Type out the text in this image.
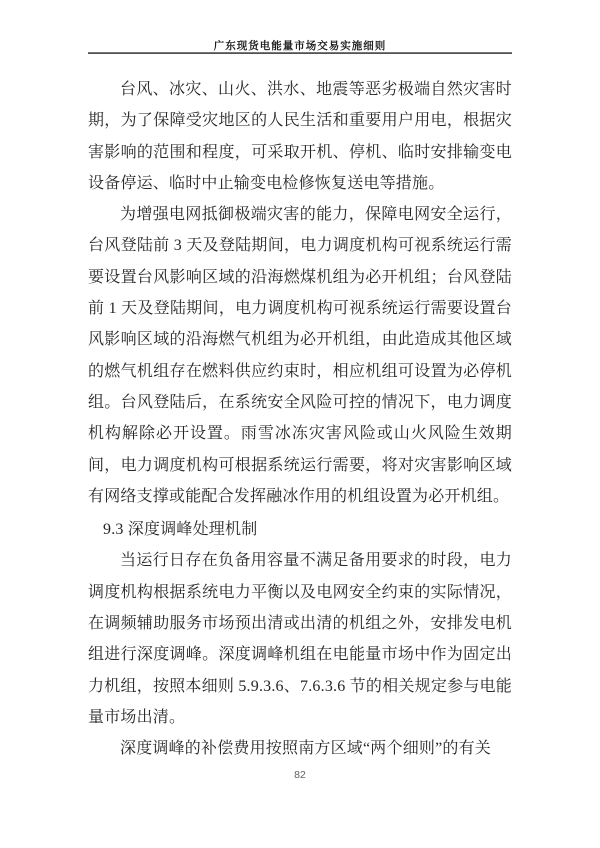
广东现货电能量市场交易实施细则

台风、冰灾、山火、洪水、地震等恶劣极端自然灾害时期，为了保障受灾地区的人民生活和重要用户用电，根据灾害影响的范围和程度，可采取开机、停机、临时安排输变电设备停运、临时中止输变电检修恢复送电等措施。

为增强电网抵御极端灾害的能力，保障电网安全运行，台风登陆前 3 天及登陆期间，电力调度机构可视系统运行需要设置台风影响区域的沿海燃煤机组为必开机组；台风登陆前 1 天及登陆期间，电力调度机构可视系统运行需要设置台风影响区域的沿海燃气机组为必开机组，由此造成其他区域的燃气机组存在燃料供应约束时，相应机组可设置为必停机组。台风登陆后，在系统安全风险可控的情况下，电力调度机构解除必开设置。雨雪冰冻灾害风险或山火风险生效期间，电力调度机构可根据系统运行需要，将对灾害影响区域有网络支撑或能配合发挥融冰作用的机组设置为必开机组。

9.3 深度调峰处理机制

当运行日存在负备用容量不满足备用要求的时段，电力调度机构根据系统电力平衡以及电网安全约束的实际情况，在调频辅助服务市场预出清或出清的机组之外，安排发电机组进行深度调峰。深度调峰机组在电能量市场中作为固定出力机组，按照本细则 5.9.3.6、7.6.3.6 节的相关规定参与电能量市场出清。

深度调峰的补偿费用按照南方区域“两个细则”的有关

82
